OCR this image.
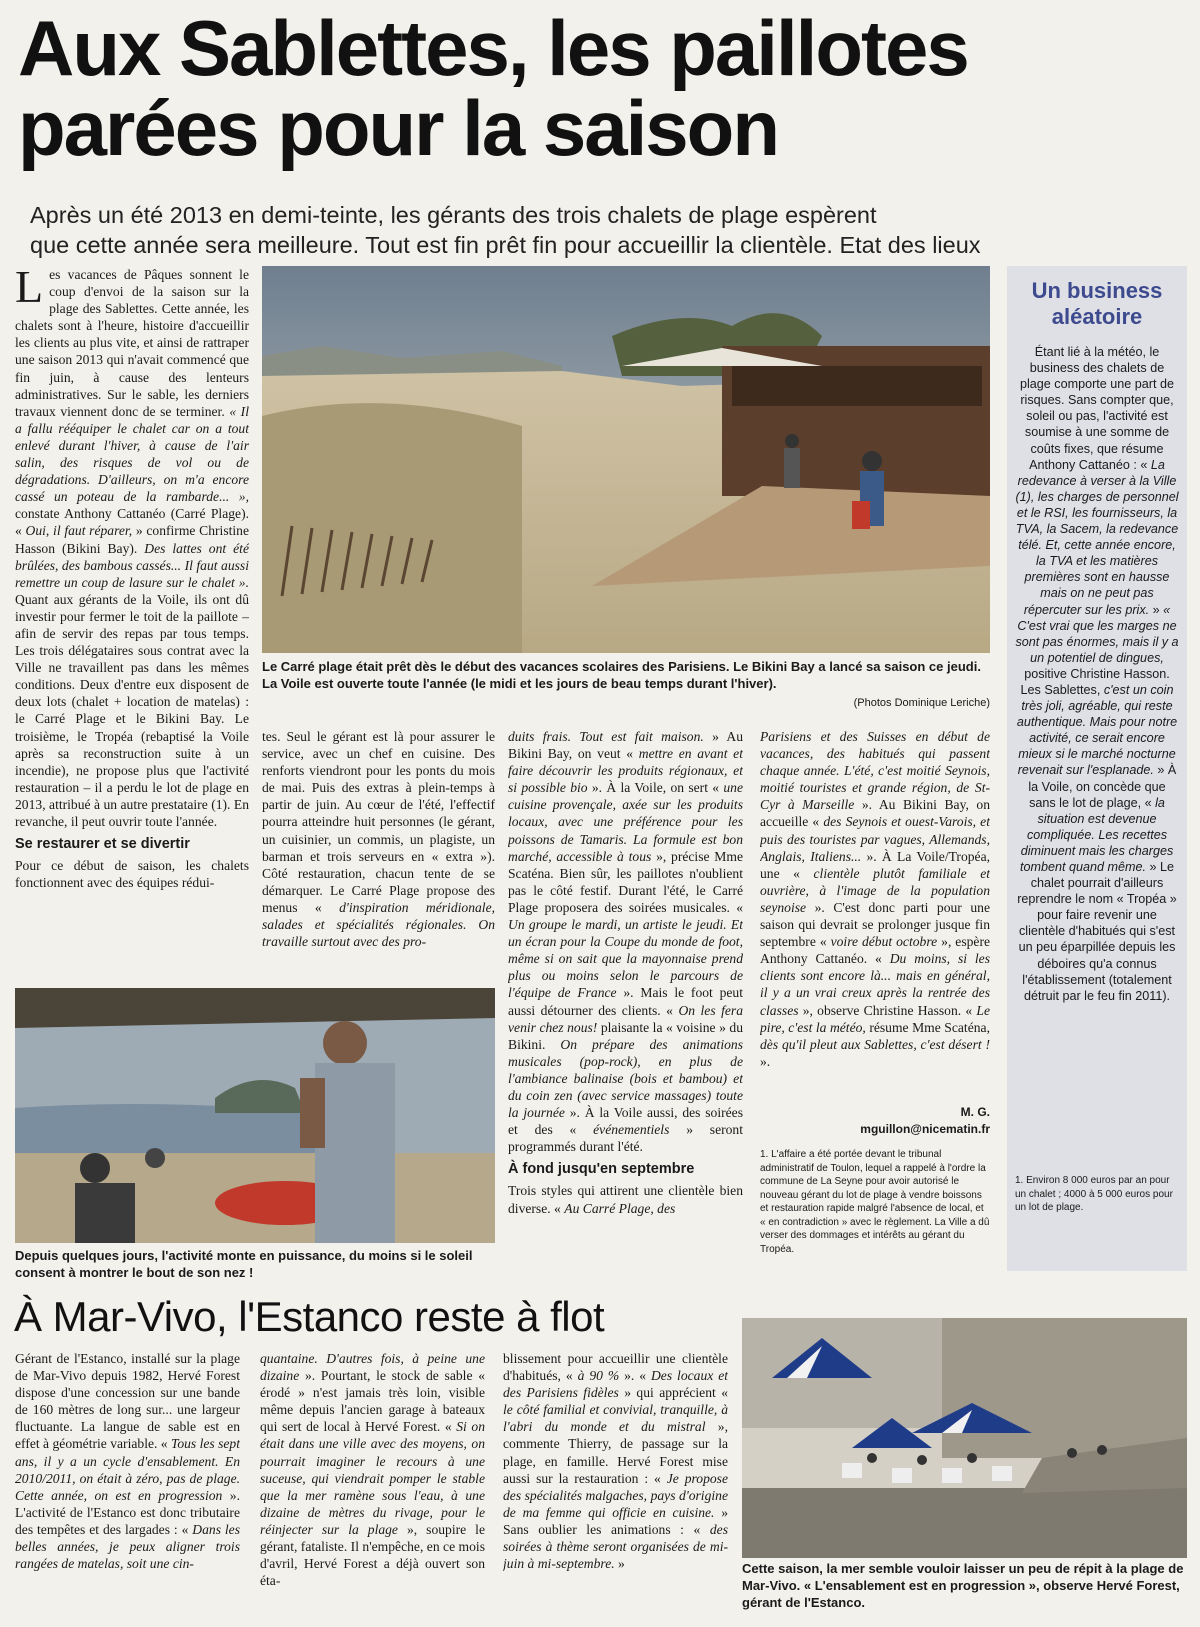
Aux Sablettes, les paillotes
parées pour la saison
Après un été 2013 en demi-teinte, les gérants des trois chalets de plage espèrent
que cette année sera meilleure. Tout est fin prêt fin pour accueillir la clientèle. Etat des lieux
L es vacances de Pâques sonnent le coup d'envoi de la saison sur la plage des Sablettes. Cette année, les chalets sont à l'heure, histoire d'accueillir les clients au plus vite, et ainsi de rattraper une saison 2013 qui n'avait commencé que fin juin, à cause des lenteurs administratives. Sur le sable, les derniers travaux viennent donc de se terminer. « Il a fallu rééquiper le chalet car on a tout enlevé durant l'hiver, à cause de l'air salin, des risques de vol ou de dégradations. D'ailleurs, on m'a encore cassé un poteau de la rambarde... », constate Anthony Cattanéo (Carré Plage). « Oui, il faut réparer, » confirme Christine Hasson (Bikini Bay). Des lattes ont été brûlées, des bambous cassés... Il faut aussi remettre un coup de lasure sur le chalet ». Quant aux gérants de la Voile, ils ont dû investir pour fermer le toit de la paillote – afin de servir des repas par tous temps. Les trois délégataires sous contrat avec la Ville ne travaillent pas dans les mêmes conditions. Deux d'entre eux disposent de deux lots (chalet + location de matelas) : le Carré Plage et le Bikini Bay. Le troisième, le Tropéa (rebaptisé la Voile après sa reconstruction suite à un incendie), ne propose plus que l'activité restauration – il a perdu le lot de plage en 2013, attribué à un autre prestataire (1). En revanche, il peut ouvrir toute l'année.
Se restaurer et se divertir
Pour ce début de saison, les chalets fonctionnent avec des équipes rédui-
Le Carré plage était prêt dès le début des vacances scolaires des Parisiens. Le Bikini Bay a lancé sa saison ce jeudi. La Voile est ouverte toute l'année (le midi et les jours de beau temps durant l'hiver).
(Photos Dominique Leriche)
tes. Seul le gérant est là pour assurer le service, avec un chef en cuisine. Des renforts viendront pour les ponts du mois de mai. Puis des extras à plein-temps à partir de juin. Au cœur de l'été, l'effectif pourra atteindre huit personnes (le gérant, un cuisinier, un commis, un plagiste, un barman et trois serveurs en « extra »). Côté restauration, chacun tente de se démarquer. Le Carré Plage propose des menus « d'inspiration méridionale, salades et spécialités régionales. On travaille surtout avec des pro-
duits frais. Tout est fait maison. » Au Bikini Bay, on veut « mettre en avant et faire découvrir les produits régionaux, et si possible bio ». À la Voile, on sert « une cuisine provençale, axée sur les produits locaux, avec une préférence pour les poissons de Tamaris. La formule est bon marché, accessible à tous », précise Mme Scaténa. Bien sûr, les paillotes n'oublient pas le côté festif. Durant l'été, le Carré Plage proposera des soirées musicales. « Un groupe le mardi, un artiste le jeudi. Et un écran pour la Coupe du monde de foot, même si on sait que la mayonnaise prend plus ou moins selon le parcours de l'équipe de France ». Mais le foot peut aussi détourner des clients. « On les fera venir chez nous! plaisante la « voisine » du Bikini. On prépare des animations musicales (pop-rock), en plus de l'ambiance balinaise (bois et bambou) et du coin zen (avec service massages) toute la journée ». À la Voile aussi, des soirées et des « événementiels » seront programmés durant l'été.
À fond jusqu'en septembre
Trois styles qui attirent une clientèle bien diverse. « Au Carré Plage, des
Parisiens et des Suisses en début de vacances, des habitués qui passent chaque année. L'été, c'est moitié Seynois, moitié touristes et grande région, de St-Cyr à Marseille ». Au Bikini Bay, on accueille « des Seynois et ouest-Varois, et puis des touristes par vagues, Allemands, Anglais, Italiens... ». À La Voile/Tropéa, une « clientèle plutôt familiale et ouvrière, à l'image de la population seynoise ». C'est donc parti pour une saison qui devrait se prolonger jusque fin septembre « voire début octobre », espère Anthony Cattanéo. « Du moins, si les clients sont encore là... mais en général, il y a un vrai creux après la rentrée des classes », observe Christine Hasson. « Le pire, c'est la météo, résume Mme Scaténa, dès qu'il pleut aux Sablettes, c'est désert ! ».
M. G.
mguillon@nicematin.fr
1. L'affaire a été portée devant le tribunal administratif de Toulon, lequel a rappelé à l'ordre la commune de La Seyne pour avoir autorisé le nouveau gérant du lot de plage à vendre boissons et restauration rapide malgré l'absence de local, et « en contradiction » avec le règlement. La Ville a dû verser des dommages et intérêts au gérant du Tropéa.
Depuis quelques jours, l'activité monte en puissance, du moins si le soleil consent à montrer le bout de son nez !
Un business
aléatoire
Étant lié à la météo, le business des chalets de plage comporte une part de risques. Sans compter que, soleil ou pas, l'activité est soumise à une somme de coûts fixes, que résume Anthony Cattanéo : « La redevance à verser à la Ville (1), les charges de personnel et le RSI, les fournisseurs, la TVA, la Sacem, la redevance télé. Et, cette année encore, la TVA et les matières premières sont en hausse mais on ne peut pas répercuter sur les prix. » « C'est vrai que les marges ne sont pas énormes, mais il y a un potentiel de dingues, positive Christine Hasson. Les Sablettes, c'est un coin très joli, agréable, qui reste authentique. Mais pour notre activité, ce serait encore mieux si le marché nocturne revenait sur l'esplanade. » À la Voile, on concède que sans le lot de plage, « la situation est devenue compliquée. Les recettes diminuent mais les charges tombent quand même. » Le chalet pourrait d'ailleurs reprendre le nom « Tropéa » pour faire revenir une clientèle d'habitués qui s'est un peu éparpillée depuis les déboires qu'a connus l'établissement (totalement détruit par le feu fin 2011).
1. Environ 8 000 euros par an pour un chalet ; 4000 à 5 000 euros pour un lot de plage.
À Mar-Vivo, l'Estanco reste à flot
Gérant de l'Estanco, installé sur la plage de Mar-Vivo depuis 1982, Hervé Forest dispose d'une concession sur une bande de 160 mètres de long sur... une largeur fluctuante. La langue de sable est en effet à géométrie variable. « Tous les sept ans, il y a un cycle d'ensablement. En 2010/2011, on était à zéro, pas de plage. Cette année, on est en progression ». L'activité de l'Estanco est donc tributaire des tempêtes et des largades : « Dans les belles années, je peux aligner trois rangées de matelas, soit une cin-
quantaine. D'autres fois, à peine une dizaine ». Pourtant, le stock de sable « érodé » n'est jamais très loin, visible même depuis l'ancien garage à bateaux qui sert de local à Hervé Forest. « Si on était dans une ville avec des moyens, on pourrait imaginer le recours à une suceuse, qui viendrait pomper le stable que la mer ramène sous l'eau, à une dizaine de mètres du rivage, pour le réinjecter sur la plage », soupire le gérant, fataliste. Il n'empêche, en ce mois d'avril, Hervé Forest a déjà ouvert son éta-
blissement pour accueillir une clientèle d'habitués, « à 90 % ». « Des locaux et des Parisiens fidèles » qui apprécient « le côté familial et convivial, tranquille, à l'abri du monde et du mistral », commente Thierry, de passage sur la plage, en famille. Hervé Forest mise aussi sur la restauration : « Je propose des spécialités malgaches, pays d'origine de ma femme qui officie en cuisine. » Sans oublier les animations : « des soirées à thème seront organisées de mi-juin à mi-septembre. »	Cette saison, la mer semble vouloir laisser un peu de répit à la plage de Mar-Vivo. « L'ensablement est en progression », observe Hervé Forest, gérant de l'Estanco.
